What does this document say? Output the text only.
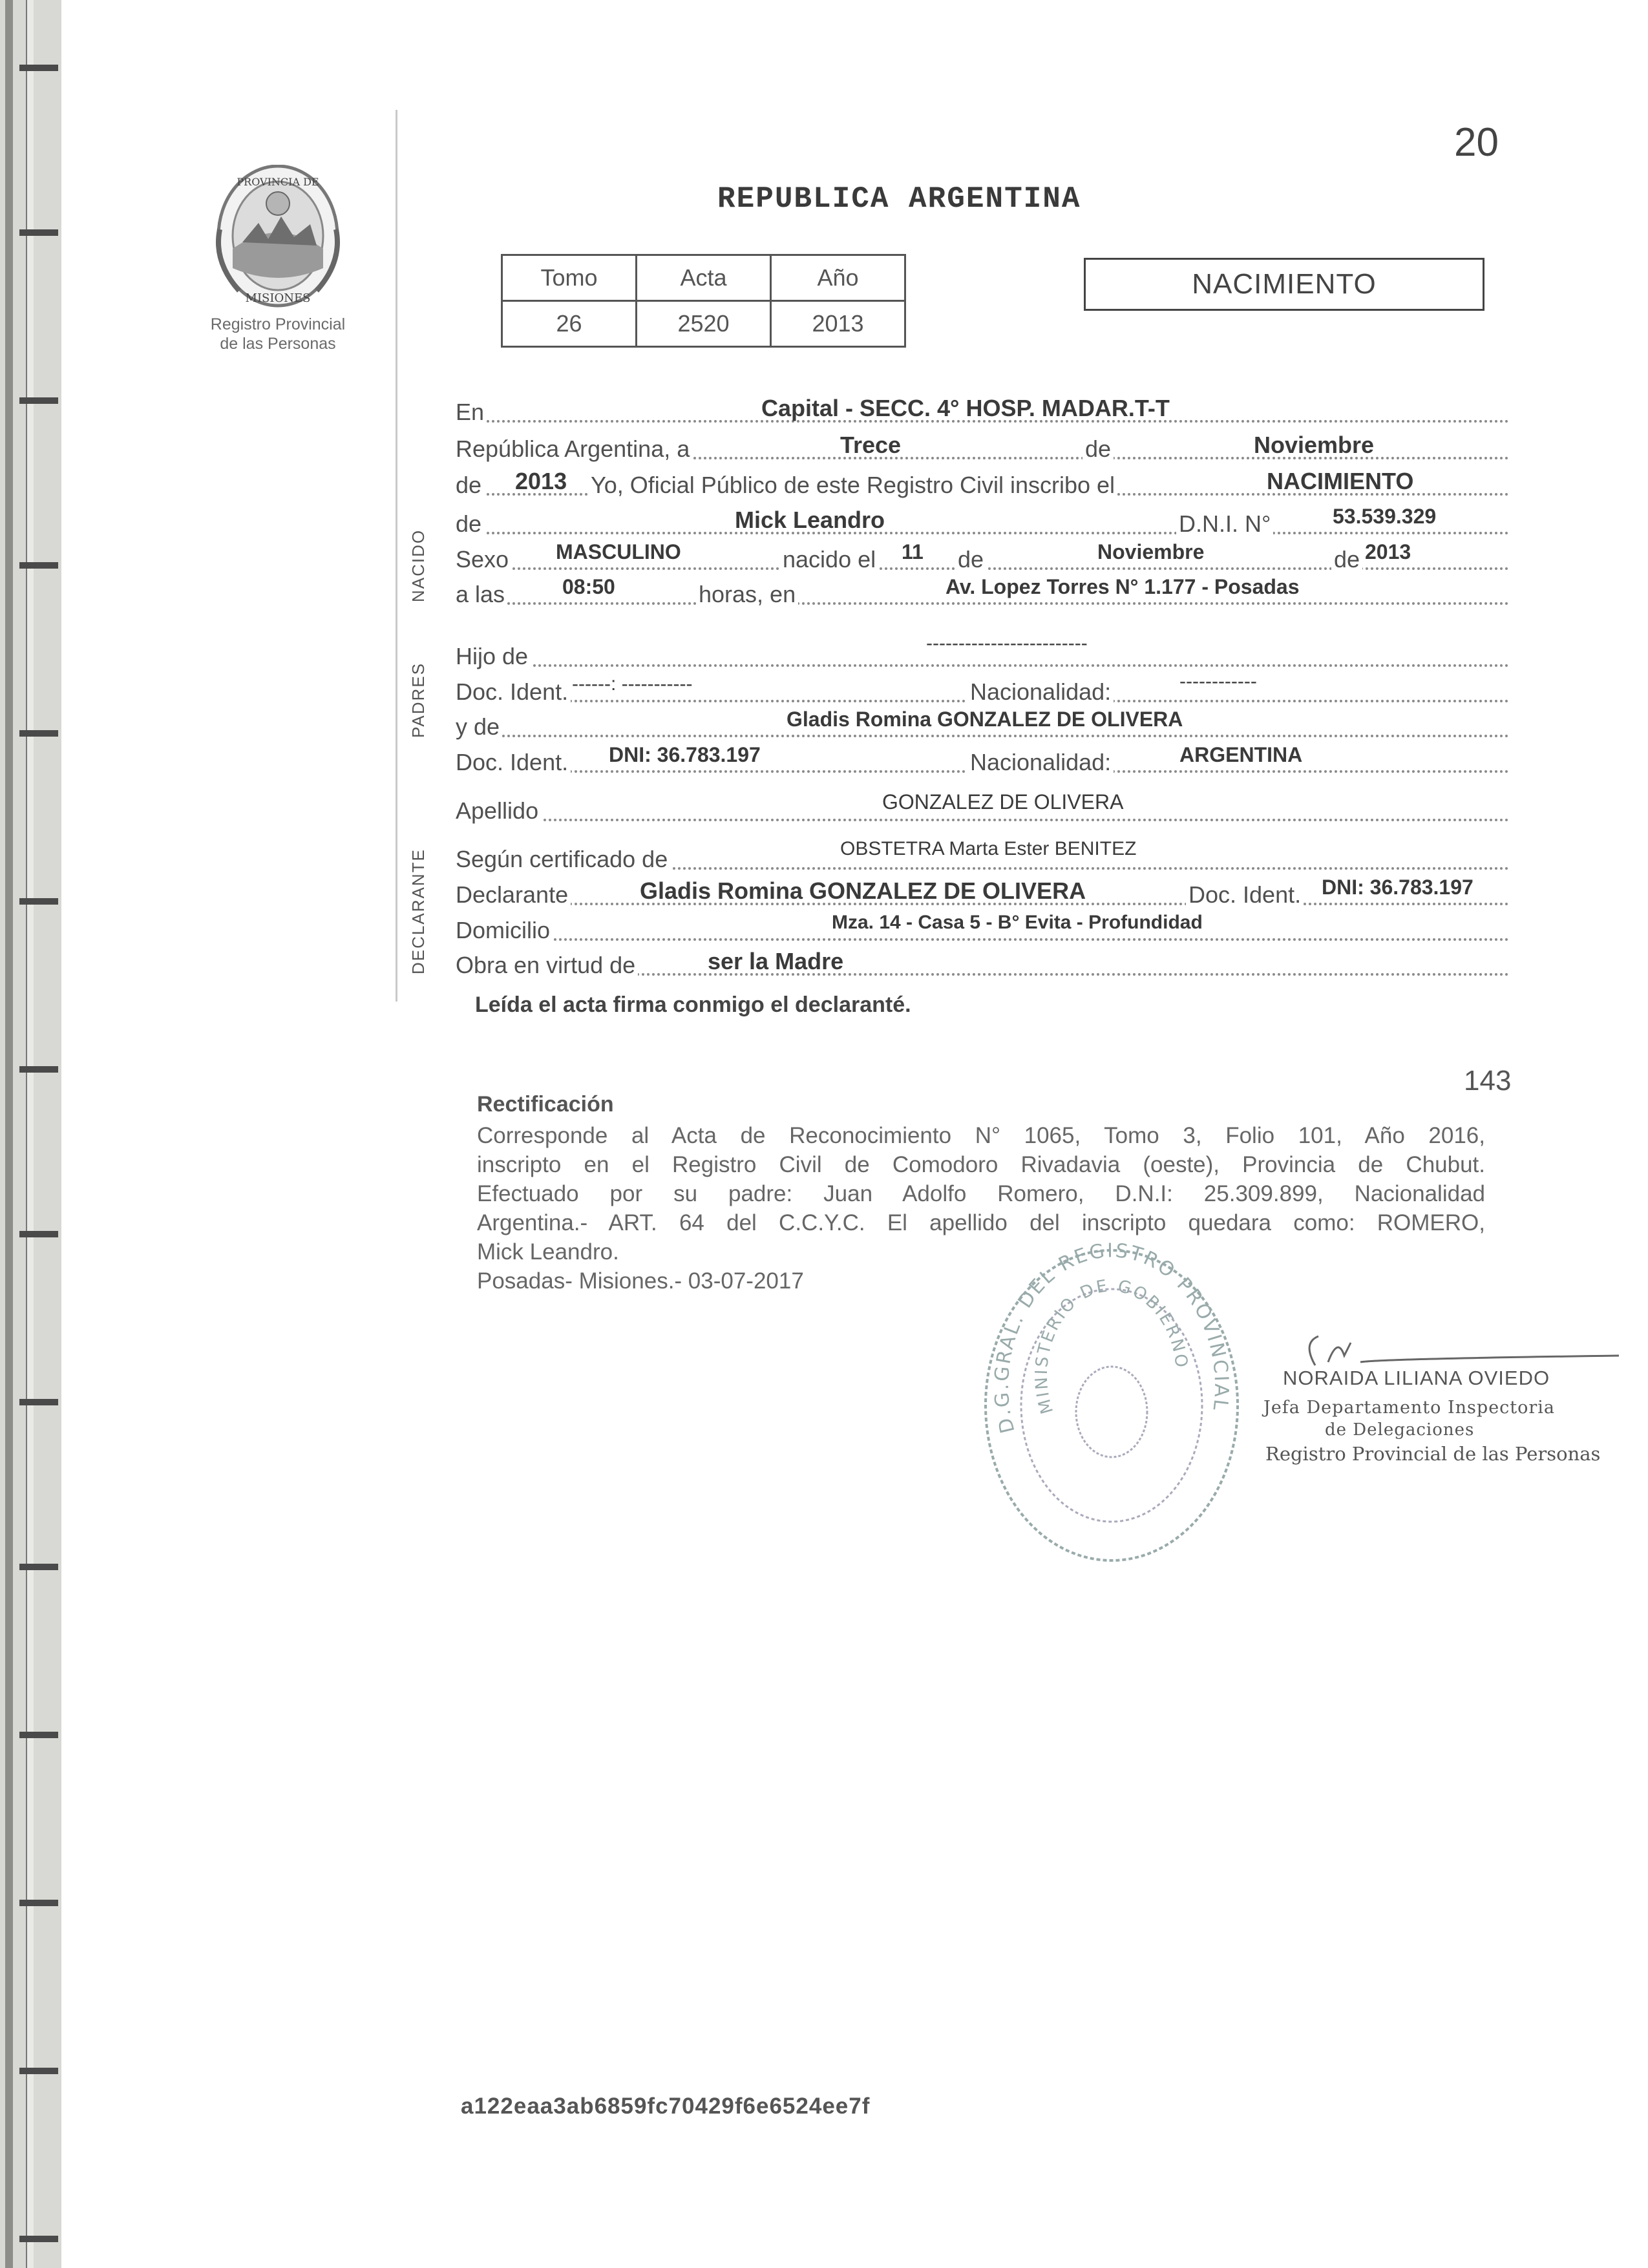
PROVINCIA DE
MISIONES
Registro Provincial
de las Personas
20
REPUBLICA ARGENTINA
Tomo	Acta	Año
26	2520	2013
NACIMIENTO
NACIDO
PADRES
DECLARANTE
En	Capital - SECC. 4° HOSP. MADAR.T-T
República Argentina, a	Trece	de	Noviembre
de 2013 Yo, Oficial Público de este Registro Civil inscribo el	NACIMIENTO
de	Mick Leandro	D.N.I. N°	53.539.329
Sexo MASCULINO	nacido el 11 de	Noviembre	de 2013
a las	08:50	horas, en	Av. Lopez Torres N° 1.177 - Posadas
Hijo de	-------------------------
Doc. Ident. ------: -----------	Nacionalidad:	------------
y de	Gladis Romina GONZALEZ DE OLIVERA
Doc. Ident. DNI: 36.783.197	Nacionalidad:	ARGENTINA
Apellido	GONZALEZ DE OLIVERA
Según certificado de	OBSTETRA Marta Ester BENITEZ
Declarante	Gladis Romina GONZALEZ DE OLIVERA	Doc. Ident. DNI: 36.783.197
Domicilio	Mza. 14 - Casa 5 - B° Evita - Profundidad
Obra en virtud de	ser la Madre
Leída el acta firma conmigo el declaranté.
143
Rectificación
Corresponde al Acta de Reconocimiento N° 1065, Tomo 3, Folio 101, Año 2016,
inscripto en el Registro Civil de Comodoro Rivadavia (oeste), Provincia de Chubut.
Efectuado por su padre: Juan Adolfo Romero, D.N.I: 25.309.899, Nacionalidad
Argentina.- ART. 64 del C.C.Y.C. El apellido del inscripto quedara como: ROMERO,
Mick Leandro.
Posadas- Misiones.- 03-07-2017
D.G.GRAL. DEL REGISTRO PROVINCIAL
MINISTERIO DE GOBIERNO
NORAIDA LILIANA OVIEDO
Jefa Departamento Inspectoria
de Delegaciones
Registro Provincial de las Personas
a122eaa3ab6859fc70429f6e6524ee7f
